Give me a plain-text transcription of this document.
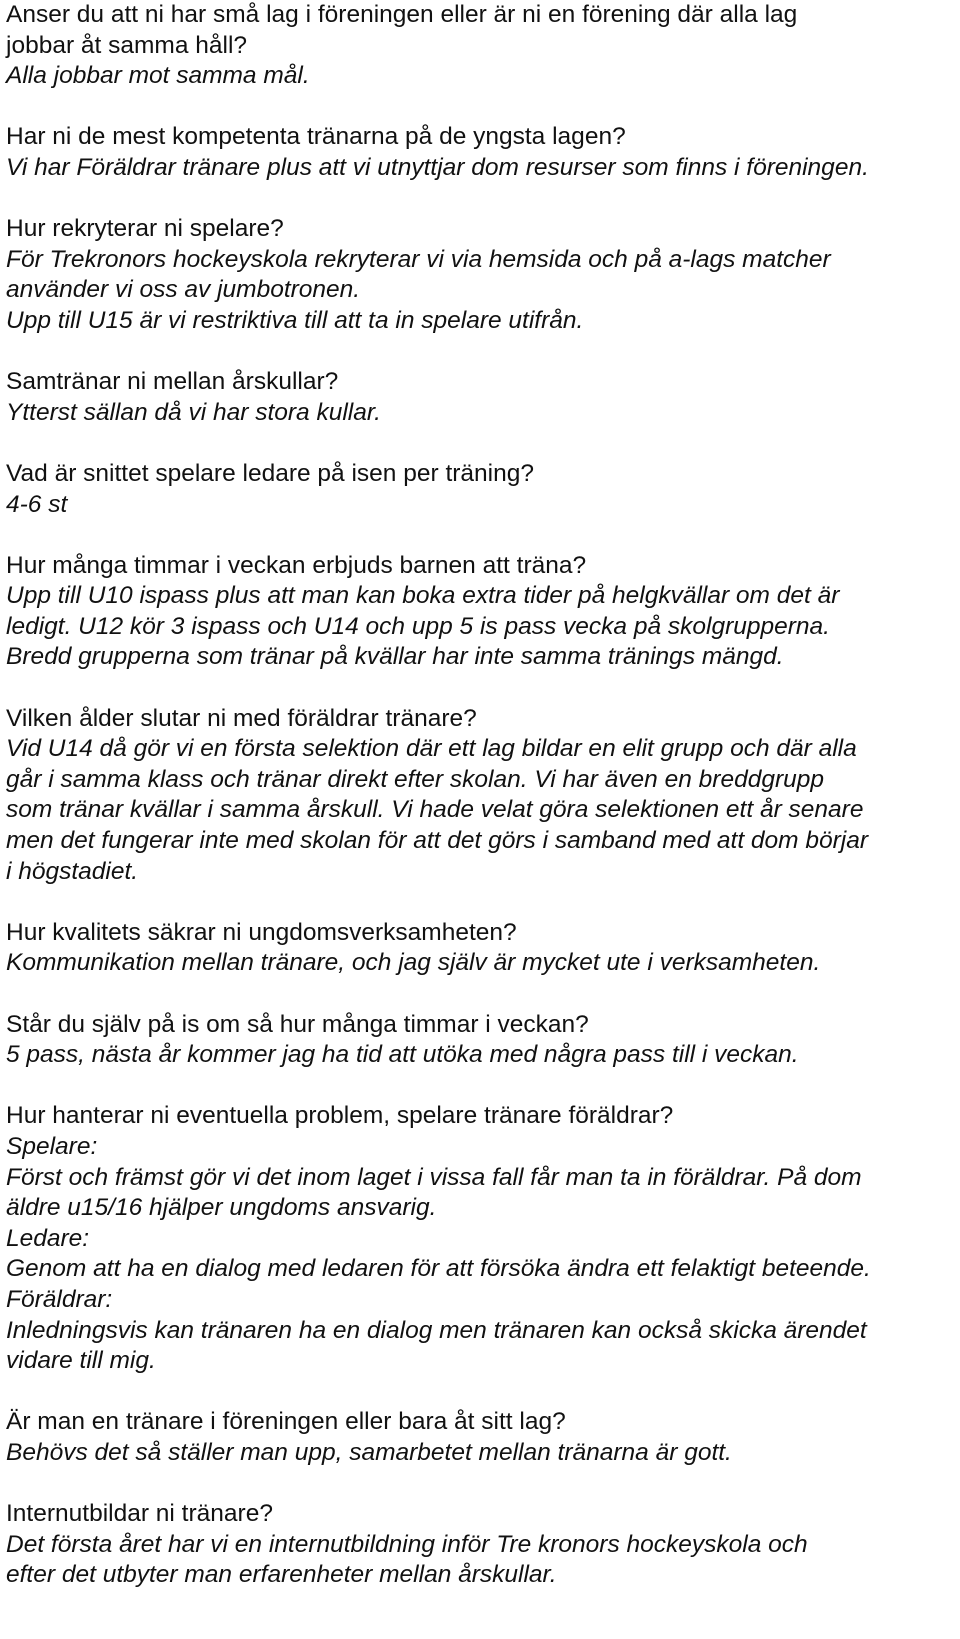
Anser du att ni har små lag i föreningen eller är ni en förening där alla lag
jobbar åt samma håll?
Alla jobbar mot samma mål.
Har ni de mest kompetenta tränarna på de yngsta lagen?
Vi har Föräldrar tränare plus att vi utnyttjar dom resurser som finns i föreningen.
Hur rekryterar ni spelare?
För Trekronors hockeyskola rekryterar vi via hemsida och på a-lags matcher
använder vi oss av jumbotronen.
Upp till U15 är vi restriktiva till att ta in spelare utifrån.
Samtränar ni mellan årskullar?
Ytterst sällan då vi har stora kullar.
Vad är snittet spelare ledare på isen per träning?
4-6 st
Hur många timmar i veckan erbjuds barnen att träna?
Upp till U10 ispass plus att man kan boka extra tider på helgkvällar om det är
ledigt. U12 kör 3 ispass och U14 och upp 5 is pass vecka på skolgrupperna.
Bredd grupperna som tränar på kvällar har inte samma tränings mängd.
Vilken ålder slutar ni med föräldrar tränare?
Vid U14 då gör vi en första selektion där ett lag bildar en elit grupp och där alla
går i samma klass och tränar direkt efter skolan. Vi har även en breddgrupp
som tränar kvällar i samma årskull. Vi hade velat göra selektionen ett år senare
men det fungerar inte med skolan för att det görs i samband med att dom börjar
i högstadiet.
Hur kvalitets säkrar ni ungdomsverksamheten?
Kommunikation mellan tränare, och jag själv är mycket ute i verksamheten.
Står du själv på is om så hur många timmar i veckan?
5 pass, nästa år kommer jag ha tid att utöka med några pass till i veckan.
Hur hanterar ni eventuella problem, spelare tränare föräldrar?
Spelare:
Först och främst gör vi det inom laget i vissa fall får man ta in föräldrar. På dom
äldre u15/16 hjälper ungdoms ansvarig.
Ledare:
Genom att ha en dialog med ledaren för att försöka ändra ett felaktigt beteende.
Föräldrar:
Inledningsvis kan tränaren ha en dialog men tränaren kan också skicka ärendet
vidare till mig.
Är man en tränare i föreningen eller bara åt sitt lag?
Behövs det så ställer man upp, samarbetet mellan tränarna är gott.
Internutbildar ni tränare?
Det första året har vi en internutbildning inför Tre kronors hockeyskola och
efter det utbyter man erfarenheter mellan årskullar.
